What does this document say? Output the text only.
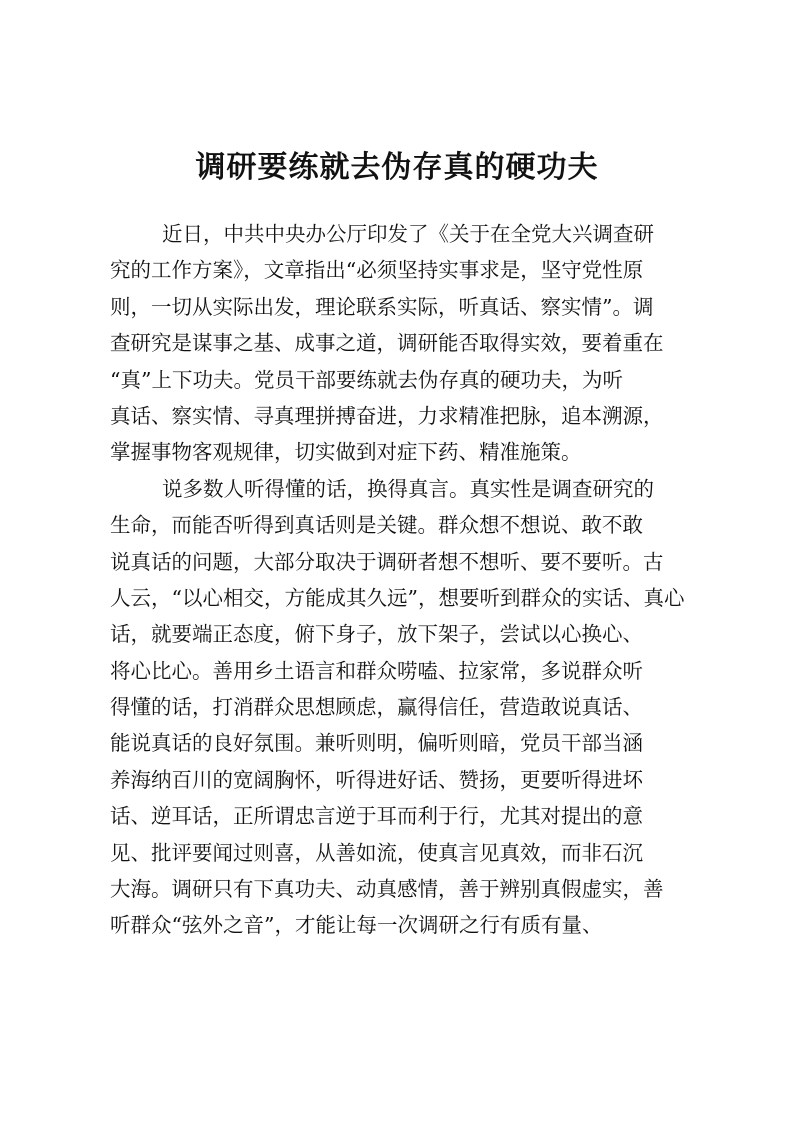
调研要练就去伪存真的硬功夫
近日，中共中央办公厅印发了《关于在全党大兴调查研
究的工作方案》，文章指出“必须坚持实事求是，坚守党性原
则，一切从实际出发，理论联系实际，听真话、察实情”。调
查研究是谋事之基、成事之道，调研能否取得实效，要着重在
“真”上下功夫。党员干部要练就去伪存真的硬功夫，为听
真话、察实情、寻真理拼搏奋进，力求精准把脉，追本溯源，
掌握事物客观规律，切实做到对症下药、精准施策。
说多数人听得懂的话，换得真言。真实性是调查研究的
生命，而能否听得到真话则是关键。群众想不想说、敢不敢
说真话的问题，大部分取决于调研者想不想听、要不要听。古
人云，“以心相交，方能成其久远”，想要听到群众的实话、真心
话，就要端正态度，俯下身子，放下架子，尝试以心换心、
将心比心。善用乡土语言和群众唠嗑、拉家常，多说群众听
得懂的话，打消群众思想顾虑，赢得信任，营造敢说真话、
能说真话的良好氛围。兼听则明，偏听则暗，党员干部当涵
养海纳百川的宽阔胸怀，听得进好话、赞扬，更要听得进坏
话、逆耳话，正所谓忠言逆于耳而利于行，尤其对提出的意
见、批评要闻过则喜，从善如流，使真言见真效，而非石沉
大海。调研只有下真功夫、动真感情，善于辨别真假虚实，善
听群众“弦外之音”，才能让每一次调研之行有质有量、
